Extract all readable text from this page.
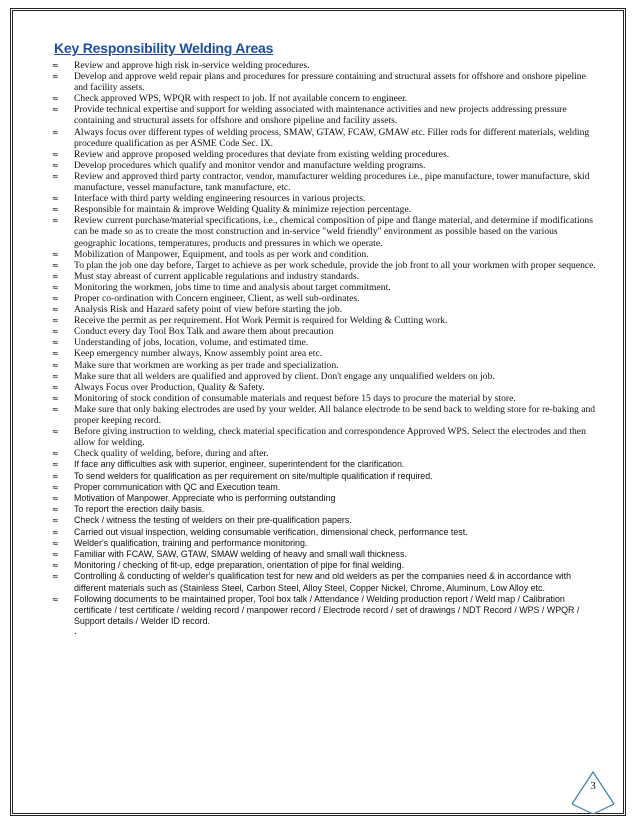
Key Responsibility Welding Areas
≈ Review and approve high risk in-service welding procedures.
≈ Develop and approve weld repair plans and procedures for pressure containing and structural assets for offshore and onshore pipeline and facility assets.
≈ Check approved WPS, WPQR with respect to job. If not available concern to engineer.
≈ Provide technical expertise and support for welding associated with maintenance activities and new projects addressing pressure containing and structural assets for offshore and onshore pipeline and facility assets.
≈ Always focus over different types of welding process, SMAW, GTAW, FCAW, GMAW etc. Filler rods for different materials, welding procedure qualification as per ASME Code Sec. IX.
≈ Review and approve proposed welding procedures that deviate from existing welding procedures.
≈ Develop procedures which qualify and monitor vendor and manufacture welding programs.
≈ Review and approved third party contractor, vendor, manufacturer welding procedures i.e., pipe manufacture, tower manufacture, skid manufacture, vessel manufacture, tank manufacture, etc.
≈ Interface with third party welding engineering resources in various projects.
≈ Responsible for maintain & improve Welding Quality & minimize rejection percentage.
≈ Review current purchase/material specifications, i.e., chemical composition of pipe and flange material, and determine if modifications can be made so as to create the most construction and in-service "weld friendly" environment as possible based on the various geographic locations, temperatures, products and pressures in which we operate.
≈ Mobilization of Manpower, Equipment, and tools as per work and condition.
≈ To plan the job one day before, Target to achieve as per work schedule, provide the job front to all your workmen with proper sequence.
≈ Must stay abreast of current applicable regulations and industry standards.
≈ Monitoring the workmen, jobs time to time and analysis about target commitment.
≈ Proper co-ordination with Concern engineer, Client, as well sub-ordinates.
≈ Analysis Risk and Hazard safety point of view before starting the job.
≈ Receive the permit as per requirement. Hot Work Permit is required for Welding & Cutting work.
≈ Conduct every day Tool Box Talk and aware them about precaution
≈ Understanding of jobs, location, volume, and estimated time.
≈ Keep emergency number always, Know assembly point area etc.
≈ Make sure that workmen are working as per trade and specialization.
≈ Make sure that all welders are qualified and approved by client. Don't engage any unqualified welders on job.
≈ Always Focus over Production, Quality & Safety.
≈ Monitoring of stock condition of consumable materials and request before 15 days to procure the material by store.
≈ Make sure that only baking electrodes are used by your welder. All balance electrode to be send back to welding store for re-baking and proper keeping record.
≈ Before giving instruction to welding, check material specification and correspondence Approved WPS. Select the electrodes and then allow for welding.
≈ Check quality of welding, before, during and after.
≈ If face any difficulties ask with superior, engineer, superintendent for the clarification.
≈ To send welders for qualification as per requirement on site/multiple qualification if required.
≈ Proper communication with QC and Execution team.
≈ Motivation of Manpower. Appreciate who is performing outstanding
≈ To report the erection daily basis.
≈ Check / witness the testing of welders on their pre-qualification papers.
≈ Carried out visual inspection, welding consumable verification, dimensional check, performance test.
≈ Welder's qualification, training and performance monitoring.
≈ Familiar with FCAW, SAW, GTAW, SMAW welding of heavy and small wall thickness.
≈ Monitoring / checking of fit-up, edge preparation, orientation of pipe for final welding.
≈ Controlling & conducting of welder's qualification test for new and old welders as per the companies need & in accordance with different materials such as (Stainless Steel, Carbon Steel, Alloy Steel, Copper Nickel, Chrome, Aluminum, Low Alloy etc.
≈ Following documents to be maintained proper, Tool box talk / Attendance / Welding production report / Weld map / Calibration certificate / test certificate / welding record / manpower record / Electrode record / set of drawings / NDT Record / WPS / WPQR / Support details / Welder ID record.
.
3
